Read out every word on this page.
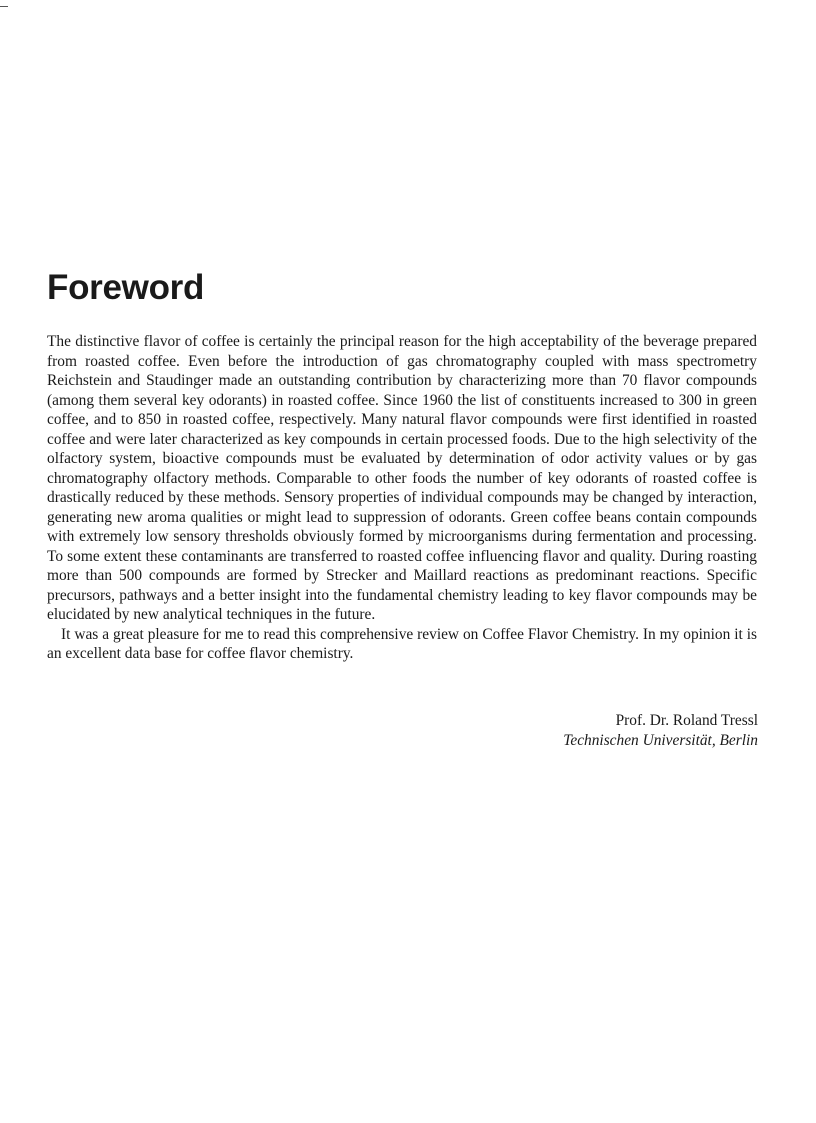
Foreword

The distinctive flavor of coffee is certainly the principal reason for the high acceptability of the beverage prepared from roasted coffee. Even before the introduction of gas chromatography coupled with mass spectrometry Reichstein and Staudinger made an outstanding contribution by characterizing more than 70 flavor compounds (among them several key odorants) in roasted coffee. Since 1960 the list of constituents increased to 300 in green coffee, and to 850 in roasted coffee, respectively. Many natural flavor compounds were first identified in roasted coffee and were later characterized as key compounds in certain processed foods. Due to the high selectivity of the olfactory system, bioactive compounds must be evaluated by determination of odor activity values or by gas chromatography olfactory methods. Comparable to other foods the number of key odorants of roasted coffee is drastically reduced by these methods. Sensory properties of individual compounds may be changed by interaction, generating new aroma qualities or might lead to suppression of odorants. Green coffee beans contain compounds with extremely low sensory thresholds obviously formed by microorganisms during fermentation and processing. To some extent these contaminants are transferred to roasted coffee influencing flavor and quality. During roasting more than 500 compounds are formed by Strecker and Maillard reactions as predominant reactions. Specific precursors, pathways and a better insight into the fundamental chemistry leading to key flavor compounds may be elucidated by new analytical techniques in the future.

It was a great pleasure for me to read this comprehensive review on Coffee Flavor Chemistry. In my opinion it is an excellent data base for coffee flavor chemistry.

Prof. Dr. Roland Tressl
Technischen Universität, Berlin
